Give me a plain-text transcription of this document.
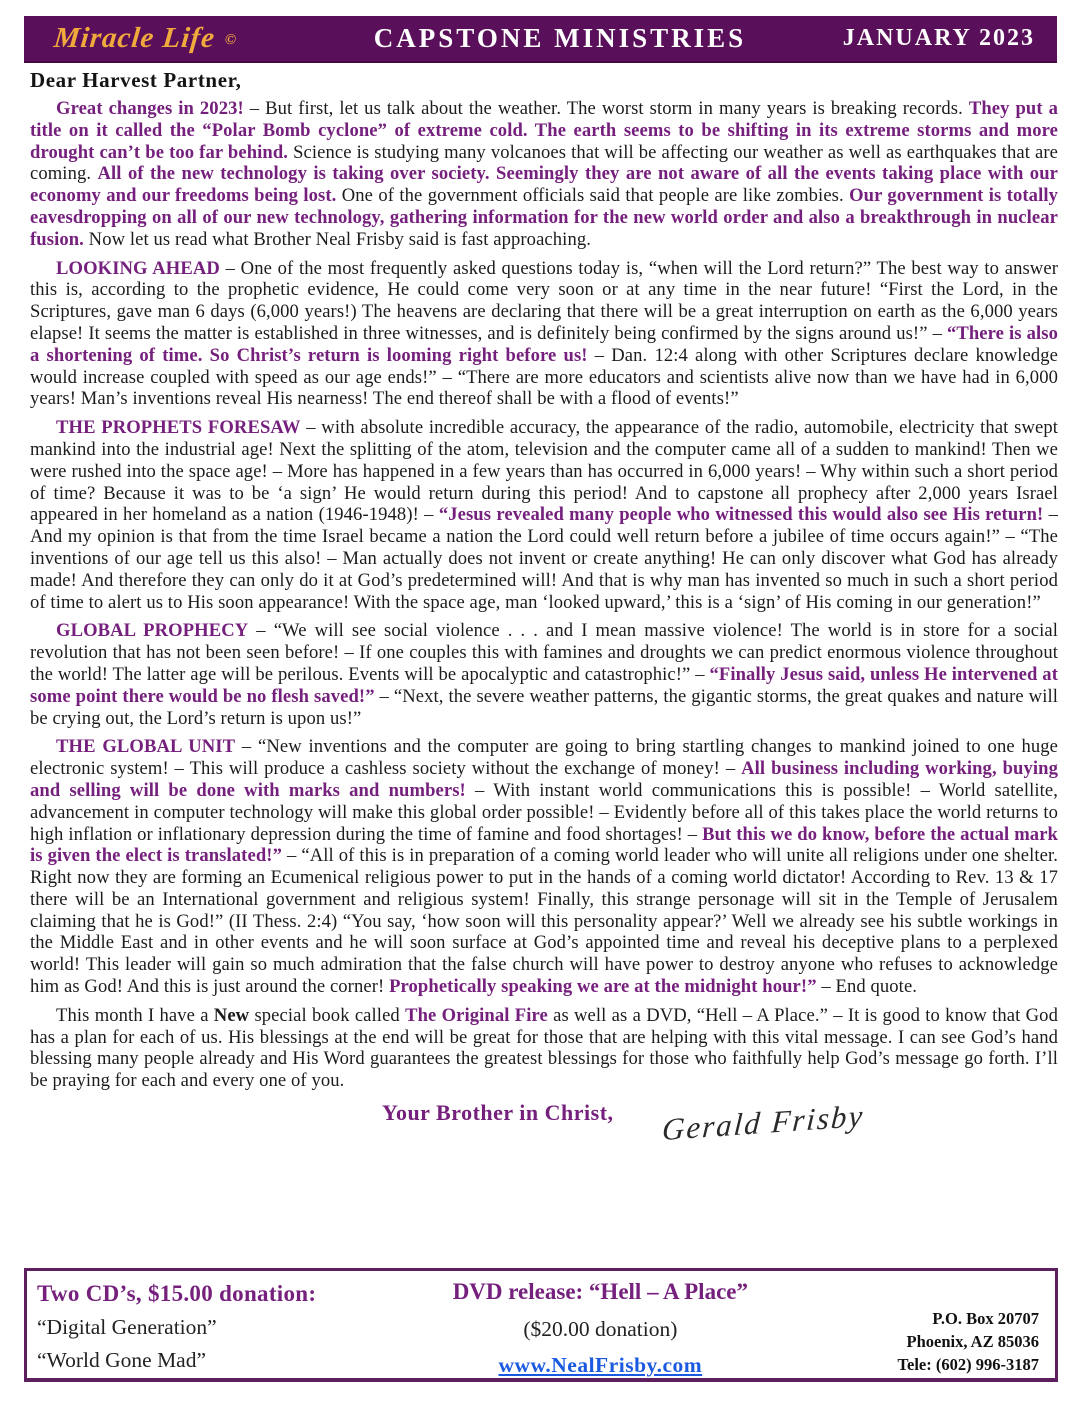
Miracle Life ©	CAPSTONE MINISTRIES	JANUARY 2023
Dear Harvest Partner,

Great changes in 2023! – But first, let us talk about the weather. The worst storm in many years is breaking records. They put a title on it called the “Polar Bomb cyclone” of extreme cold. The earth seems to be shifting in its extreme storms and more drought can’t be too far behind. Science is studying many volcanoes that will be affecting our weather as well as earthquakes that are coming. All of the new technology is taking over society. Seemingly they are not aware of all the events taking place with our economy and our freedoms being lost. One of the government officials said that people are like zombies. Our government is totally eavesdropping on all of our new technology, gathering information for the new world order and also a breakthrough in nuclear fusion. Now let us read what Brother Neal Frisby said is fast approaching.

LOOKING AHEAD – One of the most frequently asked questions today is, “when will the Lord return?” The best way to answer this is, according to the prophetic evidence, He could come very soon or at any time in the near future! “First the Lord, in the Scriptures, gave man 6 days (6,000 years!) The heavens are declaring that there will be a great interruption on earth as the 6,000 years elapse! It seems the matter is established in three witnesses, and is definitely being confirmed by the signs around us!” – “There is also a shortening of time. So Christ’s return is looming right before us! – Dan. 12:4 along with other Scriptures declare knowledge would increase coupled with speed as our age ends!” – “There are more educators and scientists alive now than we have had in 6,000 years! Man’s inventions reveal His nearness! The end thereof shall be with a flood of events!”

THE PROPHETS FORESAW – with absolute incredible accuracy, the appearance of the radio, automobile, electricity that swept mankind into the industrial age! Next the splitting of the atom, television and the computer came all of a sudden to mankind! Then we were rushed into the space age! – More has happened in a few years than has occurred in 6,000 years! – Why within such a short period of time? Because it was to be ‘a sign’ He would return during this period! And to capstone all prophecy after 2,000 years Israel appeared in her homeland as a nation (1946-1948)! – “Jesus revealed many people who witnessed this would also see His return! – And my opinion is that from the time Israel became a nation the Lord could well return before a jubilee of time occurs again!” – “The inventions of our age tell us this also! – Man actually does not invent or create anything! He can only discover what God has already made! And therefore they can only do it at God’s predetermined will! And that is why man has invented so much in such a short period of time to alert us to His soon appearance! With the space age, man ‘looked upward,’ this is a ‘sign’ of His coming in our generation!”

GLOBAL PROPHECY – “We will see social violence . . . and I mean massive violence! The world is in store for a social revolution that has not been seen before! – If one couples this with famines and droughts we can predict enormous violence throughout the world! The latter age will be perilous. Events will be apocalyptic and catastrophic!” – “Finally Jesus said, unless He intervened at some point there would be no flesh saved!” – “Next, the severe weather patterns, the gigantic storms, the great quakes and nature will be crying out, the Lord’s return is upon us!”

THE GLOBAL UNIT – “New inventions and the computer are going to bring startling changes to mankind joined to one huge electronic system! – This will produce a cashless society without the exchange of money! – All business including working, buying and selling will be done with marks and numbers! – With instant world communications this is possible! – World satellite, advancement in computer technology will make this global order possible! – Evidently before all of this takes place the world returns to high inflation or inflationary depression during the time of famine and food shortages! – But this we do know, before the actual mark is given the elect is translated!” – “All of this is in preparation of a coming world leader who will unite all religions under one shelter. Right now they are forming an Ecumenical religious power to put in the hands of a coming world dictator! According to Rev. 13 & 17 there will be an International government and religious system! Finally, this strange personage will sit in the Temple of Jerusalem claiming that he is God!” (II Thess. 2:4) “You say, ‘how soon will this personality appear?’ Well we already see his subtle workings in the Middle East and in other events and he will soon surface at God’s appointed time and reveal his deceptive plans to a perplexed world! This leader will gain so much admiration that the false church will have power to destroy anyone who refuses to acknowledge him as God! And this is just around the corner! Prophetically speaking we are at the midnight hour!” – End quote.

This month I have a New special book called The Original Fire as well as a DVD, “Hell – A Place.” – It is good to know that God has a plan for each of us. His blessings at the end will be great for those that are helping with this vital message. I can see God’s hand blessing many people already and His Word guarantees the greatest blessings for those who faithfully help God’s message go forth. I’ll be praying for each and every one of you.

Your Brother in Christ, Gerald Frisby
Two CD’s, $15.00 donation:
“Digital Generation”
“World Gone Mad”
DVD release: “Hell – A Place”
($20.00 donation)
www.NealFrisby.com
P.O. Box 20707
Phoenix, AZ 85036
Tele: (602) 996-3187
